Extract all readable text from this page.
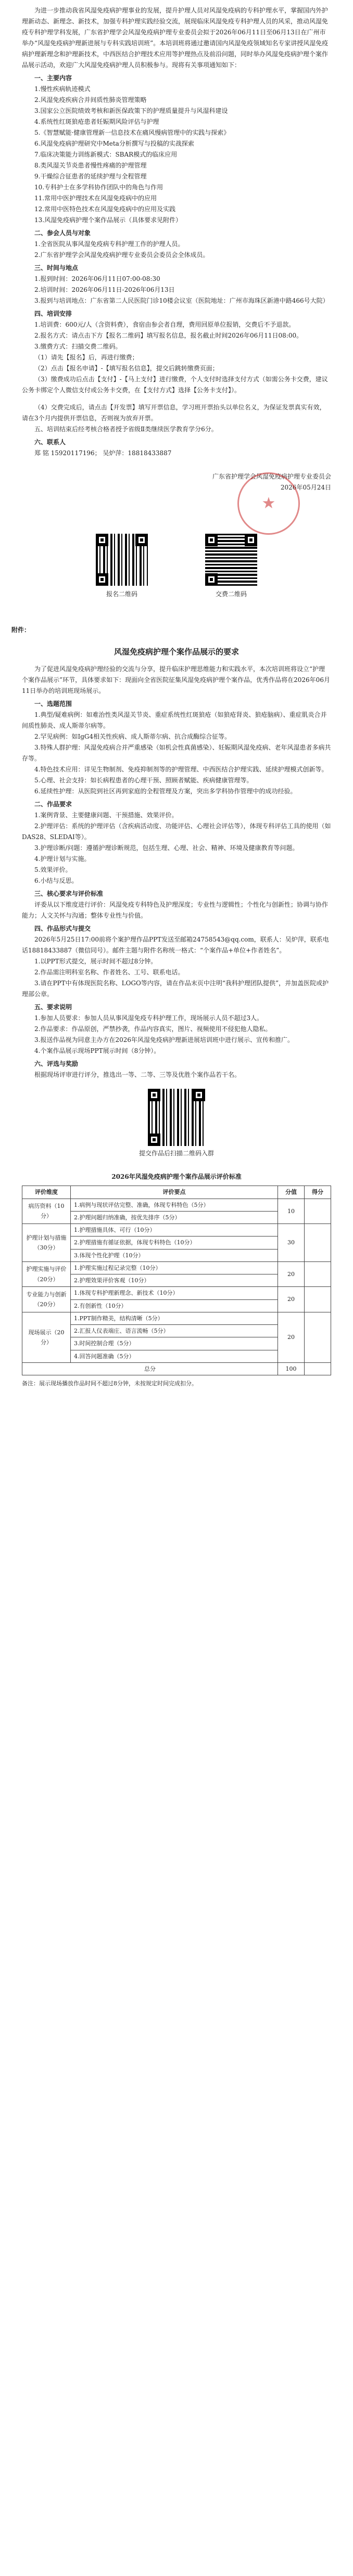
为进一步推动我省风湿免疫病护理事业的发展，提升护理人员对风湿免疫病的专科护理水平，掌握国内外护理新动态、新理念、新技术，加强专科护理实践经验交流，展现临床风湿免疫专科护理人员的风采，推动风湿免疫专科护理学科发展，广东省护理学会风湿免疫病护理专业委员会拟于2026年06月11日至06月13日在广州市举办“风湿免疫病护理新进展与专科实践培训班”。本培训班将通过邀请国内风湿免疫领域知名专家讲授风湿免疫病护理新理念和护理新技术，中西医结合护理技术应用等护理热点及前沿问题，同时举办风湿免疫病护理个案作品展示活动，欢迎广大风湿免疫病护理人员积极参与。现将有关事项通知如下：

一、主要内容
1.慢性疾病轨迹模式
2.风湿免疫疾病合并间质性肺炎管理策略
3.国家公立医院绩效考核和新医保政策下的护理质量提升与风湿科建设
4.系统性红斑狼疮患者妊娠期风险评估与护理
5.《智慧赋能·健康管理新一信息技术在痛风慢病管理中的实践与探索》
6.风湿免疫病护理研究中Meta分析撰写与投稿的实战探索
7.临床决策能力训练新模式：SBAR模式的临床应用
8.类风湿关节炎患者慢性疼痛的护理管理
9.干燥综合征患者的延续护理与全程管理
10.专科护士在多学科协作团队中的角色与作用
11.常用中医护理技术在风湿免疫病中的应用
12.常用中医特色技术在风湿免疫病中的应用及实践
13.风湿免疫病护理个案作品展示（具体要求见附件）
二、参会人员与对象
1.全省医院从事风湿免疫病专科护理工作的护理人员。
2.广东省护理学会风湿免疫病护理专业委员会委员会全体成员。
三、时间与地点
1.报到时间：2026年06月11日07:00-08:30
2.培训时间：2026年06月11日-2026年06月13日
3.报到与培训地点：广东省第二人民医院门诊10楼会议室（医院地址：广州市海珠区新港中路466号大院）
四、培训安排
1.培训费：600元/人（含资料费），食宿由参会者自理，费用回原单位报销，交费后不予退款。
2.报名方式：请点击下方【报名二维码】填写报名信息，报名截止时间2026年06月11日08:00。
3.缴费方式：扫描交费二维码。
（1）请先【报名】后，再进行缴费；
（2）点击【报名申请】-【填写报名信息】，提交后跳转缴费页面；
（3）缴费成功后点击【支付】-【马上支付】进行缴费，个人支付时选择支付方式（如需公务卡交费，建议公务卡绑定个人微信支付或公务卡交费，在【支付方式】选择【公务卡支付】）。
（4）交费完成后，请点击【开发票】填写开票信息，学习班开票抬头以单位名义，为保证发票真实有效，请在3个月内提供开票信息，否则视为放弃开票。
五、培训结束后经考核合格者授予省级Ⅱ类继续医学教育学分6分。
六、联系人
郑 铭 15920117196； 吴炉萍：18818433887
★
广东省护理学会风湿免疫病护理专业委员会
2026年05月24日
报名二维码	交费二维码
附件：
风湿免疫病护理个案作品展示的要求

为了促进风湿免疫病护理经验的交流与分享，提升临床护理思维能力和实践水平，本次培训班将设立“护理个案作品展示”环节，具体要求如下：现面向全省医院征集风湿免疫病护理个案作品，优秀作品将在2026年06月11日举办的培训班现场展示。

一、选题范围
1.典型/疑难病例：如难治性类风湿关节炎、重症系统性红斑狼疮（如狼疮肾炎、狼疮脑病）、重症肌炎合并间质性肺炎、成人斯蒂尔病等。
2.罕见病例：如IgG4相关性疾病、成人斯蒂尔病、抗合成酶综合征等。
3.特殊人群护理：风湿免疫病合并严重感染（如机会性真菌感染）、妊娠期风湿免疫病、老年风湿患者多病共存等。
4.特色技术应用：详见生物制剂、免疫抑制剂等的护理管理、中西医结合护理实践、延续护理模式创新等。
5.心理、社会支持：如长病程患者的心理干预、照顾者赋能、疾病健康管理等。
6.延续性护理：从医院到社区再到家庭的全程管理及方案，突出多学科协作管理中的成功经验。
二、作品要求
1.案例背景、主要健康问题、干预措施、效果评价。
2.护理评估：系统的护理评估（含疾病活动度、功能评估、心理社会评估等），体现专科评估工具的使用（如DAS28、SLEDAI等）。
3.护理诊断/问题：遵循护理诊断规范，包括生理、心理、社会、精神、环境及健康教育等问题。
4.护理计划与实施。
5.效果评价。
6.小结与反思。
三、核心要求与评价标准

评委从以下维度进行评价：风湿免疫专科特色及护理深度；专业性与逻辑性；个性化与创新性；协调与协作能力；人文关怀与沟通；整体专业性与价值。

四、作品形式与提交

2026年5月25日17:00前将个案护理作品PPT发送至邮箱24758543@qq.com，联系人：吴炉萍，联系电话18818433887（微信同号）。邮件主题与附件名称统一格式：“个案作品+单位+作者姓名”。

1.以PPT形式提交，展示时间不超过8分钟。
2.作品需注明科室名称、作者姓名、工号、联系电话。
3.请在PPT中有体现医院名称、LOGO等内容，请在作品末页中注明“我科护理团队提供”，并加盖医院或护理部公章。
五、要求说明
1.参加人员要求：参加人员从事风湿免疫专科护理工作，现场展示人员不超过3人。
2.作品要求：作品原创，严禁抄袭，作品内容真实，图片、视频使用不侵犯他人隐私。
3.报送作品视为同意主办方在2026年风湿免疫病护理新进展培训班中进行展示、宣传和推广。
4.个案作品展示现场PPT展示时间（8分钟）。
六、评选与奖励

根据现场评审进行评分，推选出一等、二等、三等及优胜个案作品若干名。

提交作品后扫描二维码入群
2026年风湿免疫病护理个案作品展示评价标准
评价维度	评价要点	分值	得分
病历资料（10分）	1.病例与现状评估完整、准确，体现专科特色（5分）	10	
	2.护理问题归纳准确，按优先排序（5分）		
护理计划与措施（30分）	1.护理措施具体、可行（10分）	30	
	2.护理措施有循证依据，体现专科特色（10分）		
	3.体现个性化护理（10分）		
护理实施与评价（20分）	1.护理实施过程记录完整（10分）	20	
	2.护理效果评价客观（10分）		
专业能力与创新（20分）	1.体现专科护理新理念、新技术（10分）	20	
	2.有创新性（10分）		
现场展示（20分）	1.PPT制作精美，结构清晰（5分）	20	
	2.汇报人仪表端庄、语言流畅（5分）		
	3.时间控制合理（5分）		
	4.回答问题准确（5分）		
总分		100	
备注：展示现场播放作品时间不超过8分钟，未按规定时间完成扣分。
